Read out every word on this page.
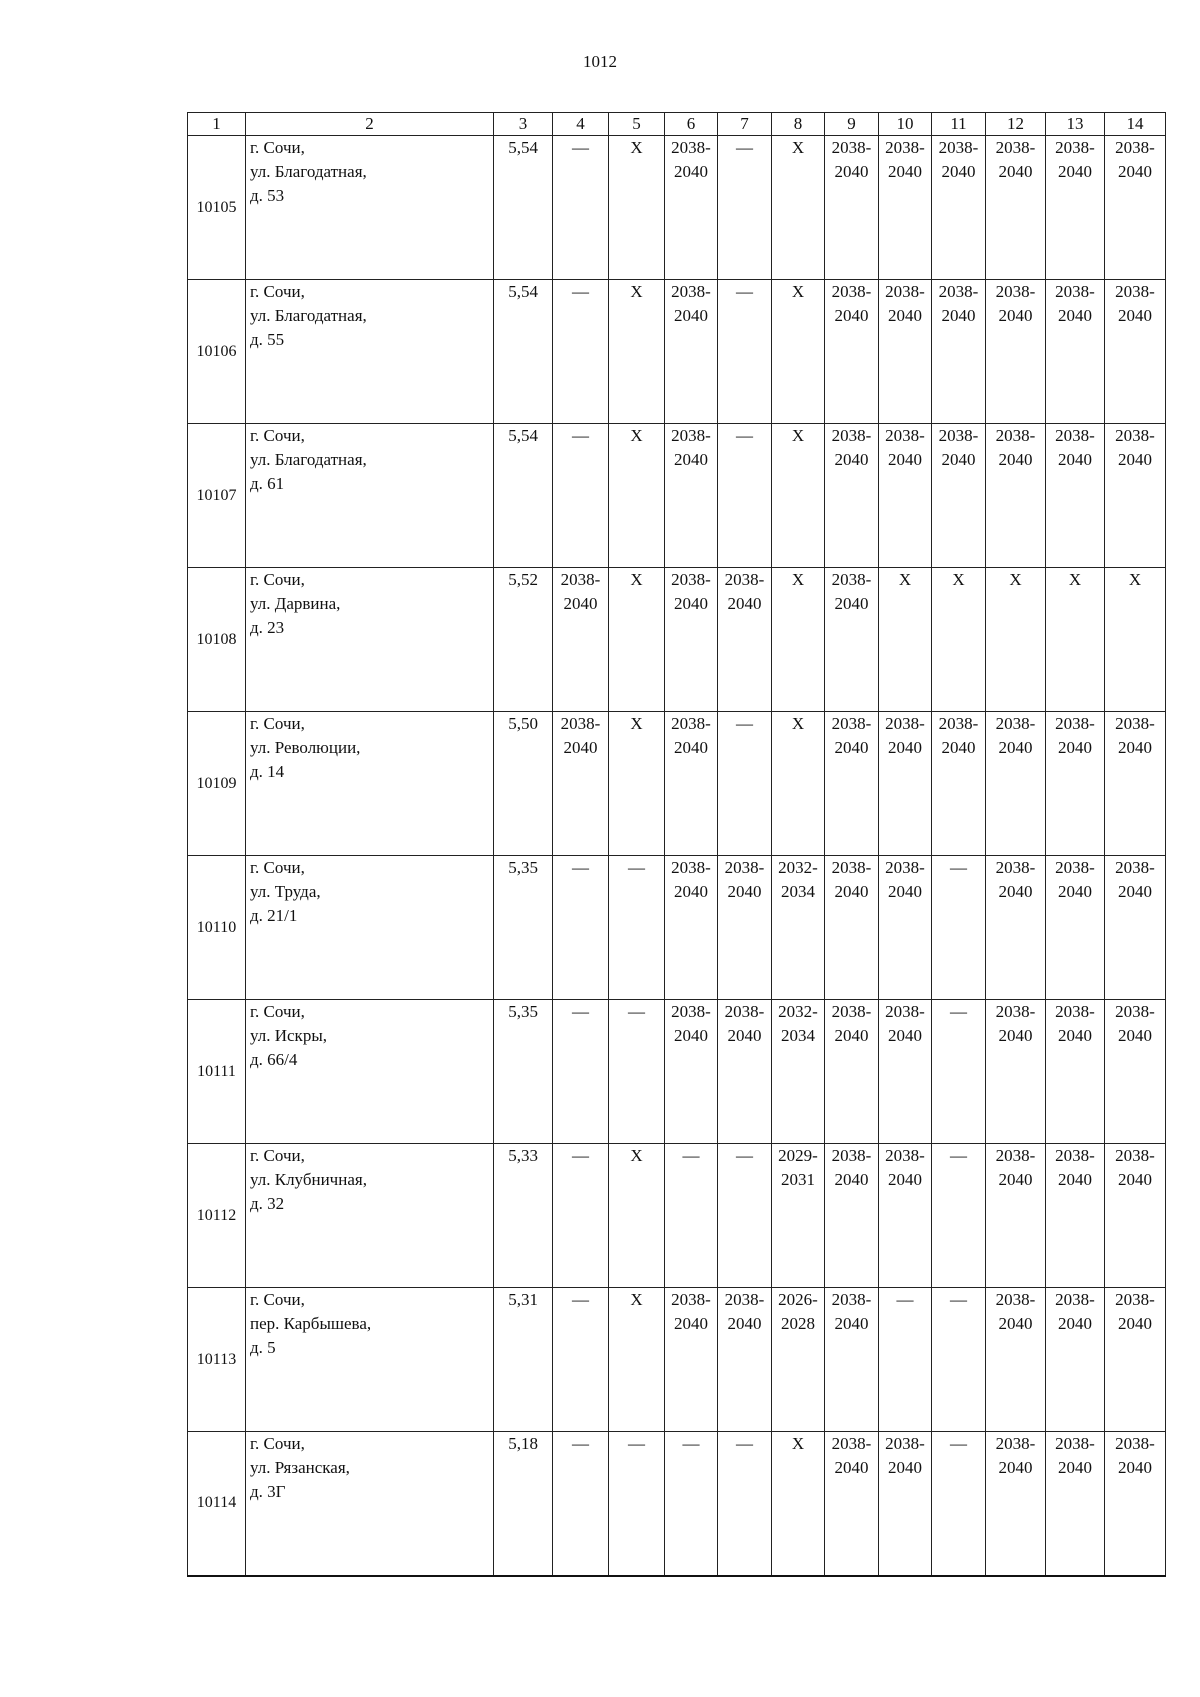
1012
1	2	3	4	5	6	7	8	9	10	11	12	13	14
10105	г. Сочи,
ул. Благодатная,
д. 53	5,54	—	X	2038-2040	—	X	2038-2040	2038-2040	2038-2040	2038-2040	2038-2040	2038-2040
10106	г. Сочи,
ул. Благодатная,
д. 55	5,54	—	X	2038-2040	—	X	2038-2040	2038-2040	2038-2040	2038-2040	2038-2040	2038-2040
10107	г. Сочи,
ул. Благодатная,
д. 61	5,54	—	X	2038-2040	—	X	2038-2040	2038-2040	2038-2040	2038-2040	2038-2040	2038-2040
10108	г. Сочи,
ул. Дарвина,
д. 23	5,52	2038-2040	X	2038-2040	2038-2040	X	2038-2040	X	X	X	X	X
10109	г. Сочи,
ул. Революции,
д. 14	5,50	2038-2040	X	2038-2040	—	X	2038-2040	2038-2040	2038-2040	2038-2040	2038-2040	2038-2040
10110	г. Сочи,
ул. Труда,
д. 21/1	5,35	—	—	2038-2040	2038-2040	2032-2034	2038-2040	2038-2040	—	2038-2040	2038-2040	2038-2040
10111	г. Сочи,
ул. Искры,
д. 66/4	5,35	—	—	2038-2040	2038-2040	2032-2034	2038-2040	2038-2040	—	2038-2040	2038-2040	2038-2040
10112	г. Сочи,
ул. Клубничная,
д. 32	5,33	—	X	—	—	2029-2031	2038-2040	2038-2040	—	2038-2040	2038-2040	2038-2040
10113	г. Сочи,
пер. Карбышева,
д. 5	5,31	—	X	2038-2040	2038-2040	2026-2028	2038-2040	—	—	2038-2040	2038-2040	2038-2040
10114	г. Сочи,
ул. Рязанская,
д. 3Г	5,18	—	—	—	—	X	2038-2040	2038-2040	—	2038-2040	2038-2040	2038-2040
